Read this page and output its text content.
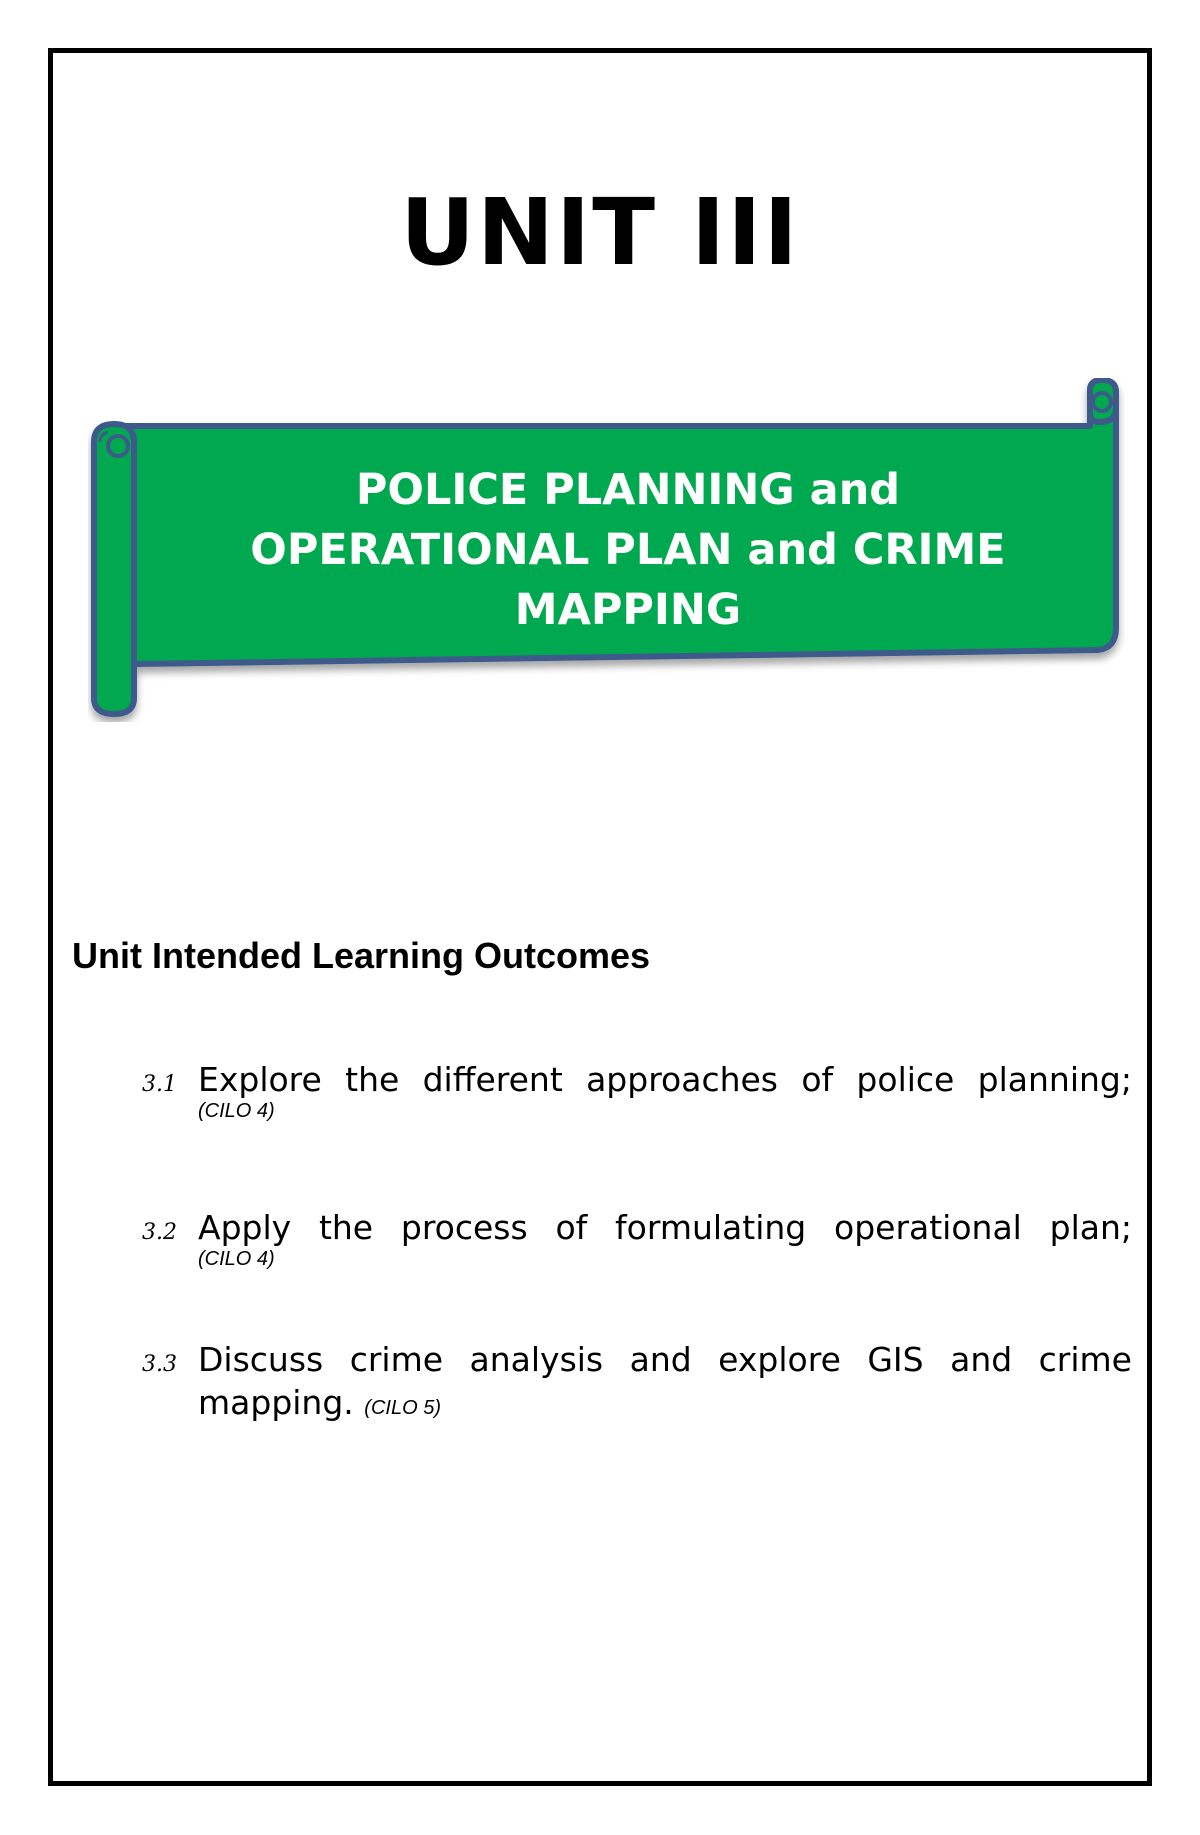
UNIT III
POLICE PLANNING and OPERATIONAL PLAN and CRIME MAPPING
Unit Intended Learning Outcomes
3.1 Explore the different approaches of police planning;

(CILO 4)
3.2 Apply the process of formulating operational plan;

(CILO 4)
3.3 Discuss crime analysis and explore GIS and crime mapping. (CILO 5)
